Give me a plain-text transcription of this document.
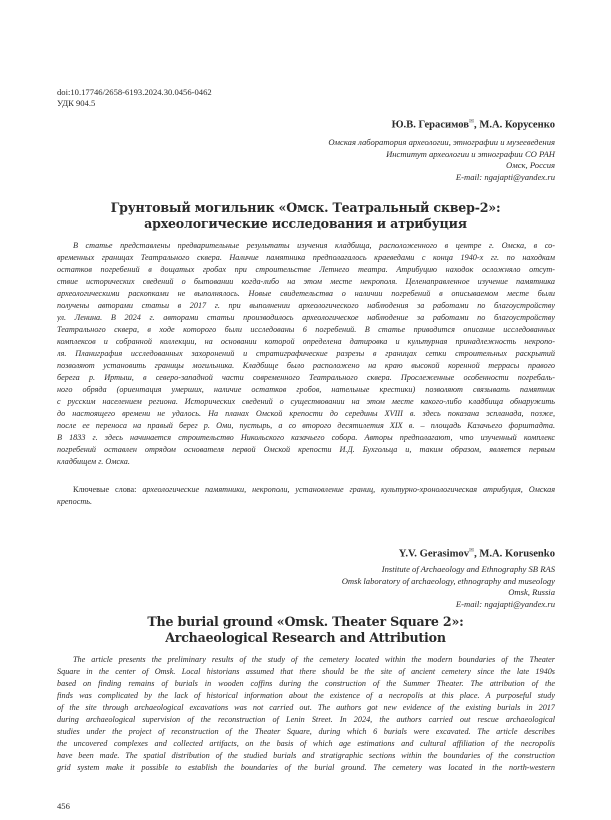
doi:10.17746/2658-6193.2024.30.0456-0462
УДК 904.5
Ю.В. Герасимов✉, М.А. Корусенко
Омская лаборатория археологии, этнографии и музееведения
Институт археологии и этнографии СО РАН
Омск, Россия
E-mail: ngajapti@yandex.ru
Грунтовый могильник «Омск. Театральный сквер-2»:
археологические исследования и атрибуция
В статье представлены предварительные результаты изучения кладбища, расположенного в центре г. Омска, в со-
временных границах Театрального сквера. Наличие памятника предполагалось краеведами с конца 1940-х гг. по находкам
остатков погребений в дощатых гробах при строительстве Летнего театра. Атрибуцию находок осложняло отсут-
ствие исторических сведений о бытовании когда-либо на этом месте некрополя. Целенаправленное изучение памятника
археологическими раскопками не выполнялось. Новые свидетельства о наличии погребений в описываемом месте были
получены авторами статьи в 2017 г. при выполнении археологического наблюдения за работами по благоустройству
ул. Ленина. В 2024 г. авторами статьи производилось археологическое наблюдение за работами по благоустройству
Театрального сквера, в ходе которого были исследованы 6 погребений. В статье приводится описание исследованных
комплексов и собранной коллекции, на основании которой определена датировка и культурная принадлежность некропо-
ля. Планиграфия исследованных захоронений и стратиграфические разрезы в границах сетки строительных раскрытий
позволяют установить границы могильника. Кладбище было расположено на краю высокой коренной террасы правого
берега р. Иртыш, в северо-западной части современного Театрального сквера. Прослеженные особенности погребаль-
ного обряда (ориентация умерших, наличие остатков гробов, нательные крестики) позволяют связывать памятник
с русским населением региона. Исторических сведений о существовании на этом месте какого-либо кладбища обнаружить
до настоящего времени не удалось. На планах Омской крепости до середины XVIII в. здесь показана эспланада, позже,
после ее переноса на правый берег р. Оми, пустырь, а со второго десятилетия XIX в. – площадь Казачьего форштадта.
В 1833 г. здесь начинается строительство Никольского казачьего собора. Авторы предполагают, что изученный комплекс
погребений оставлен отрядом основателя первой Омской крепости И.Д. Бухгольца и, таким образом, является первым
кладбищем г. Омска.
Ключевые слова: археологические памятники, некрополи, установление границ, культурно-хронологическая атрибуция, Омская крепость.
Y.V. Gerasimov✉, M.A. Korusenko
Institute of Archaeology and Ethnography SB RAS
Omsk laboratory of archaeology, ethnography and museology
Omsk, Russia
E-mail: ngajapti@yandex.ru
The burial ground «Omsk. Theater Square 2»:
Archaeological Research and Attribution
The article presents the preliminary results of the study of the cemetery located within the modern boundaries of the Theater
Square in the center of Omsk. Local historians assumed that there should be the site of ancient cemetery since the late 1940s
based on finding remains of burials in wooden coffins during the construction of the Summer Theater. The attribution of the
finds was complicated by the lack of historical information about the existence of a necropolis at this place. A purposeful study
of the site through archaeological excavations was not carried out. The authors got new evidence of the existing burials in 2017
during archaeological supervision of the reconstruction of Lenin Street. In 2024, the authors carried out rescue archaeological
studies under the project of reconstruction of the Theater Square, during which 6 burials were excavated. The article describes
the uncovered complexes and collected artifacts, on the basis of which age estimations and cultural affiliation of the necropolis
have been made. The spatial distribution of the studied burials and stratigraphic sections within the boundaries of the construction
grid system make it possible to establish the boundaries of the burial ground. The cemetery was located in the north-western
456
